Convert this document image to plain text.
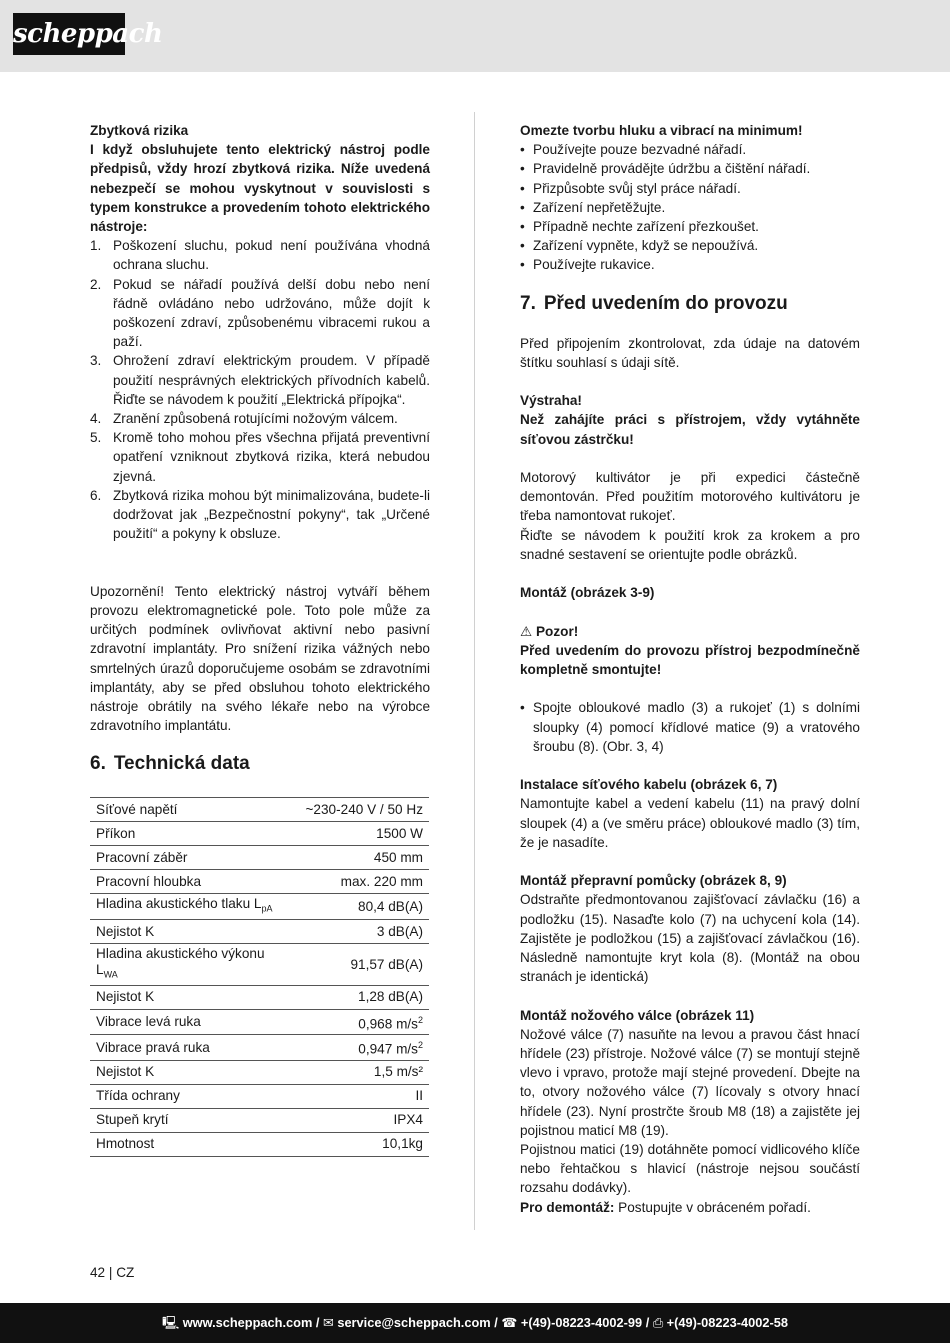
scheppach

Zbytková rizika

I když obsluhujete tento elektrický nástroj podle předpisů, vždy hrozí zbytková rizika. Níže uvedená nebezpečí se mohou vyskytnout v souvislosti s typem konstrukce a provedením tohoto elektrického nástroje:

1. Poškození sluchu, pokud není používána vhodná ochrana sluchu.
2. Pokud se nářadí používá delší dobu nebo není řádně ovládáno nebo udržováno, může dojít k poškození zdraví, způsobenému vibracemi rukou a paží.
3. Ohrožení zdraví elektrickým proudem. V případě použití nesprávných elektrických přívodních kabelů. Řiďte se návodem k použití „Elektrická přípojka“.
4. Zranění způsobená rotujícími nožovým válcem.
5. Kromě toho mohou přes všechna přijatá preventivní opatření vzniknout zbytková rizika, která nebudou zjevná.
6. Zbytková rizika mohou být minimalizována, budete-li dodržovat jak „Bezpečnostní pokyny“, tak „Určené použití“ a pokyny k obsluze.

Upozornění! Tento elektrický nástroj vytváří během provozu elektromagnetické pole. Toto pole může za určitých podmínek ovlivňovat aktivní nebo pasivní zdravotní implantáty. Pro snížení rizika vážných nebo smrtelných úrazů doporučujeme osobám se zdravotními implantáty, aby se před obsluhou tohoto elektrického nástroje obrátily na svého lékaře nebo na výrobce zdravotního implantátu.

6. Technická data
Síťové napětí	~230-240 V / 50 Hz
Příkon	1500 W
Pracovní záběr	450 mm
Pracovní hloubka	max. 220 mm
Hladina akustického tlaku $L_{pA}$	80,4 dB(A)
Nejistot K	3 dB(A)
Hladina akustického výkonu $L_{WA}$	91,57 dB(A)
Nejistot K	1,28 dB(A)
Vibrace levá ruka	0,968 $m/s^2$
Vibrace pravá ruka	0,947 $m/s^2$
Nejistot K	1,5 m/s²
Třída ochrany	II
Stupeň krytí	IPX4
Hmotnost	10,1kg

Omezte tvorbu hluku a vibrací na minimum!

• Používejte pouze bezvadné nářadí.
• Pravidelně provádějte údržbu a čištění nářadí.
• Přizpůsobte svůj styl práce nářadí.
• Zařízení nepřetěžujte.
• Případně nechte zařízení přezkoušet.
• Zařízení vypněte, když se nepoužívá.
• Používejte rukavice.
7. Před uvedením do provozu

Před připojením zkontrolovat, zda údaje na datovém štítku souhlasí s údaji sítě.

Výstraha!

Než zahájíte práci s přístrojem, vždy vytáhněte síťovou zástrčku!

Motorový kultivátor je při expedici částečně demontován. Před použitím motorového kultivátoru je třeba namontovat rukojeť.

Řiďte se návodem k použití krok za krokem a pro snadné sestavení se orientujte podle obrázků.

Montáž (obrázek 3-9)

⚠ Pozor!

Před uvedením do provozu přístroj bezpodmínečně kompletně smontujte!

• Spojte obloukové madlo (3) a rukojeť (1) s dolními sloupky (4) pomocí křídlové matice (9) a vratového šroubu (8). (Obr. 3, 4)

Instalace síťového kabelu (obrázek 6, 7)

Namontujte kabel a vedení kabelu (11) na pravý dolní sloupek (4) a (ve směru práce) obloukové madlo (3) tím, že je nasadíte.

Montáž přepravní pomůcky (obrázek 8, 9)

Odstraňte předmontovanou zajišťovací závlačku (16) a podložku (15). Nasaďte kolo (7) na uchycení kola (14). Zajistěte je podložkou (15) a zajišťovací závlačkou (16). Následně namontujte kryt kola (8). (Montáž na obou stranách je identická)

Montáž nožového válce (obrázek 11)

Nožové válce (7) nasuňte na levou a pravou část hnací hřídele (23) přístroje. Nožové válce (7) se montují stejně vlevo i vpravo, protože mají stejné provedení. Dbejte na to, otvory nožového válce (7) lícovaly s otvory hnací hřídele (23). Nyní prostrčte šroub M8 (18) a zajistěte jej pojistnou maticí M8 (19).

Pojistnou matici (19) dotáhněte pomocí vidlicového klíče nebo řehtačkou s hlavicí (nástroje nejsou součástí rozsahu dodávky).

Pro demontáž: Postupujte v obráceném pořadí.

42 | CZ
🖳 www.scheppach.com / ✉ service@scheppach.com / ☎ +(49)-08223-4002-99 / ⎙ +(49)-08223-4002-58
